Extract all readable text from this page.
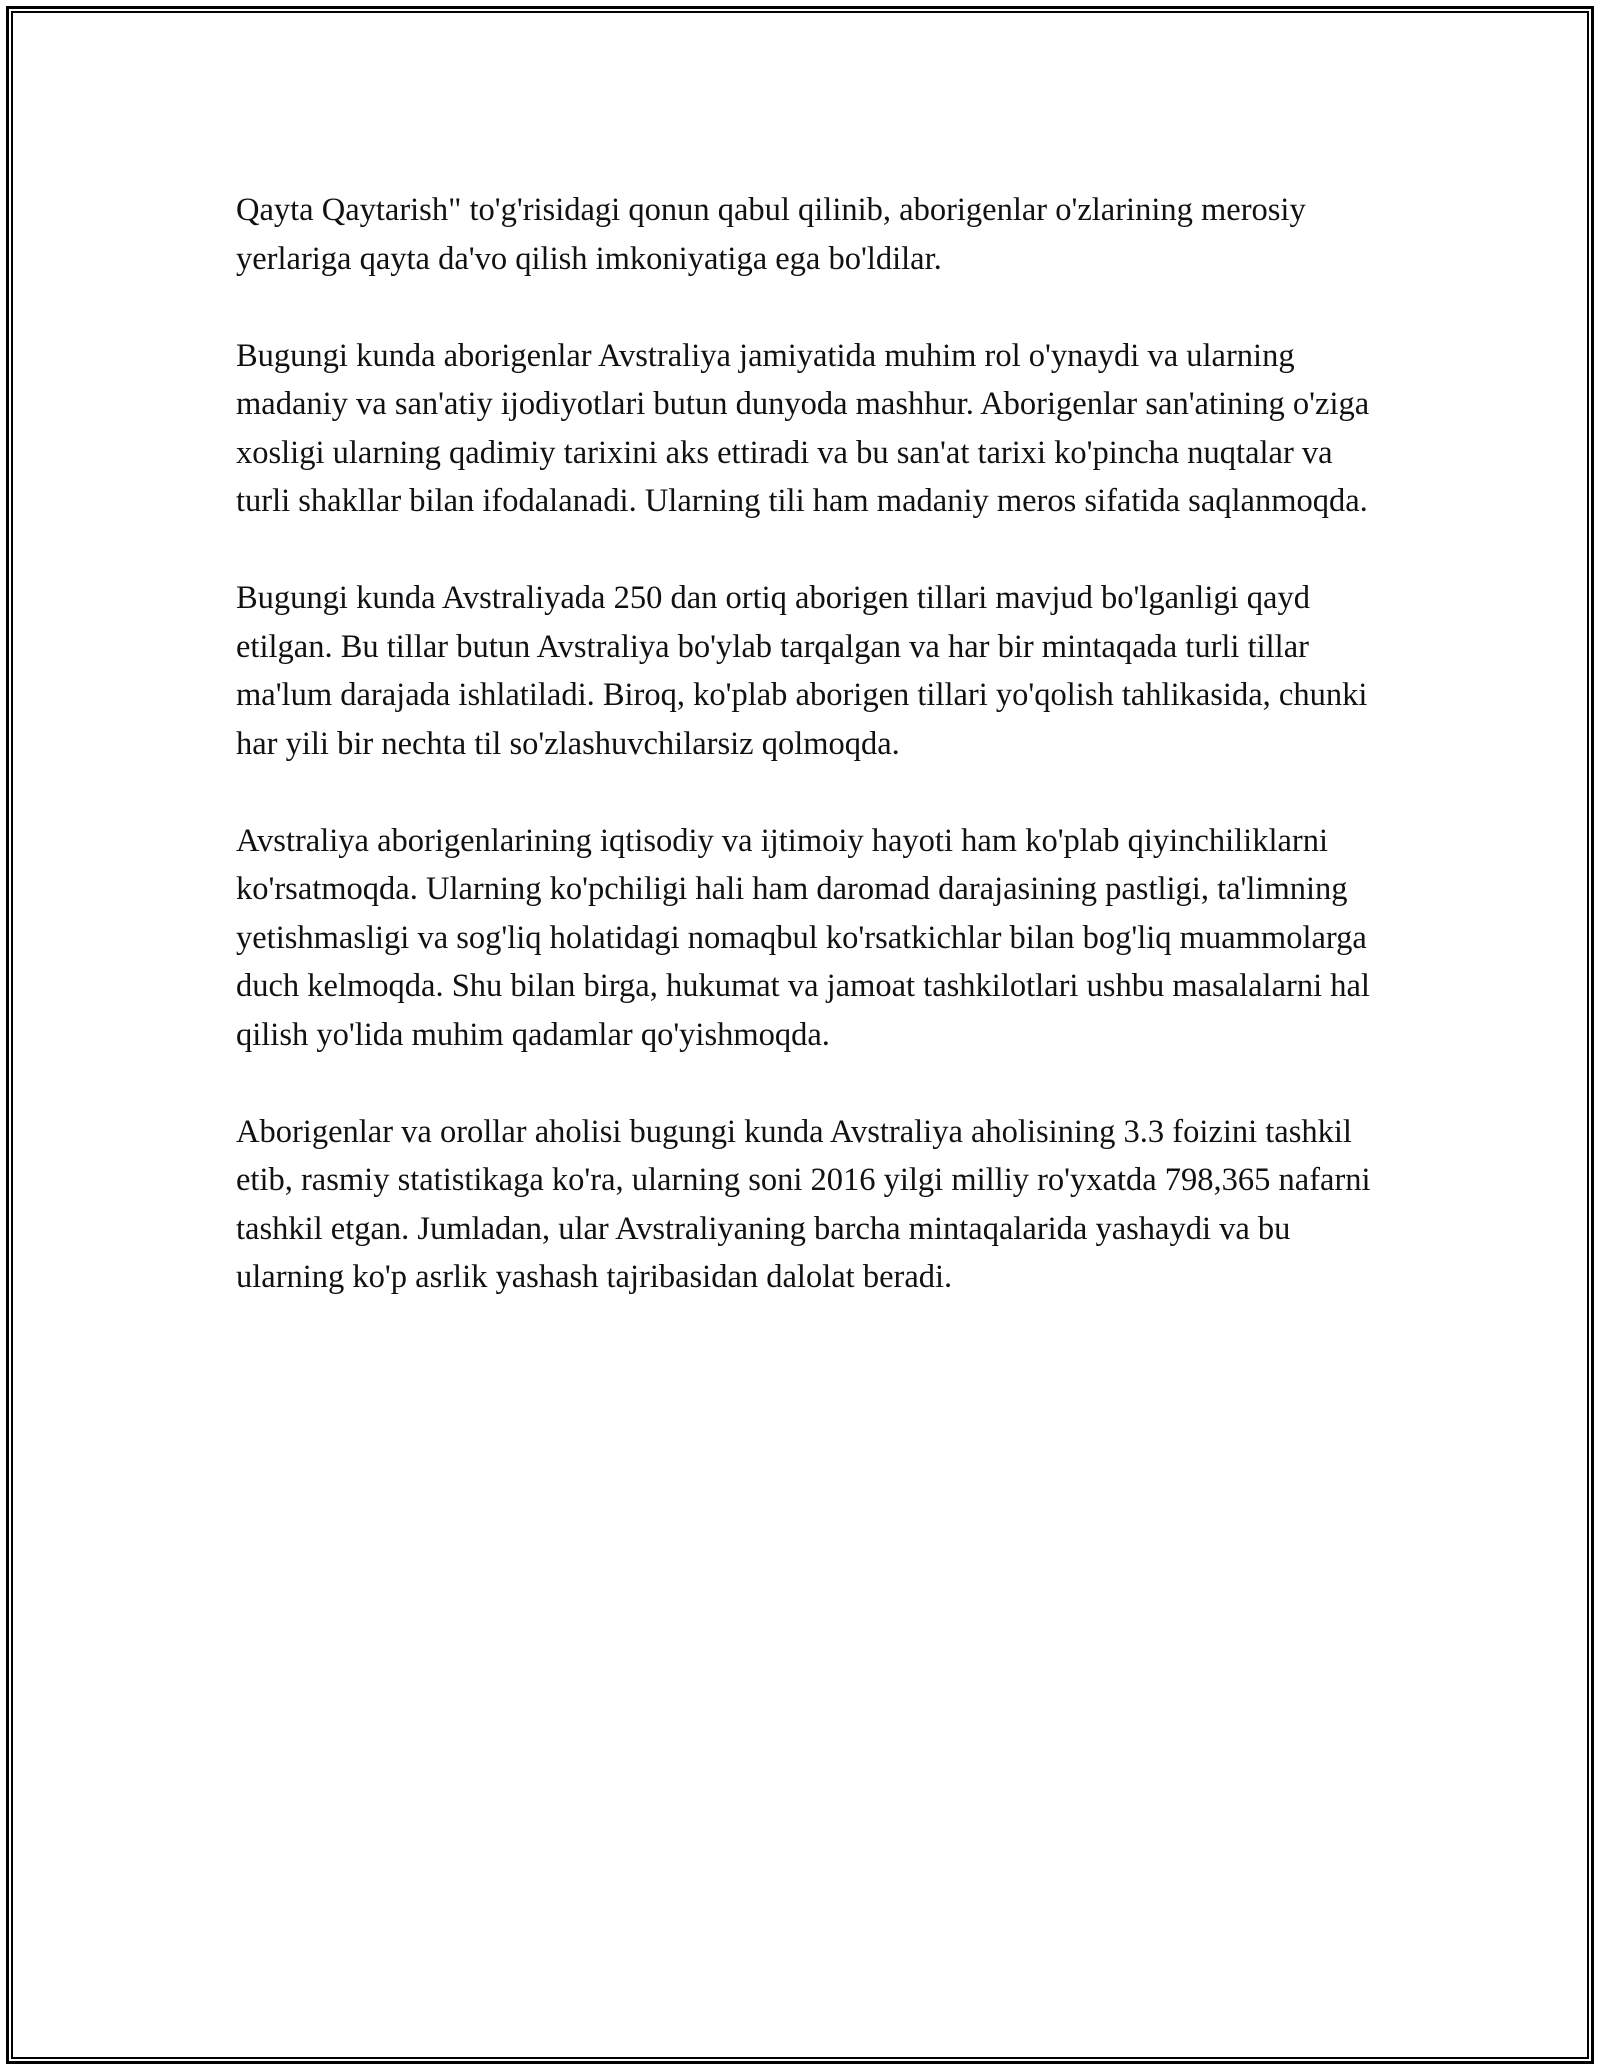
Qayta Qaytarish" to'g'risidagi qonun qabul qilinib, aborigenlar o'zlarining merosiy yerlariga qayta da'vo qilish imkoniyatiga ega bo'ldilar.

Bugungi kunda aborigenlar Avstraliya jamiyatida muhim rol o'ynaydi va ularning madaniy va san'atiy ijodiyotlari butun dunyoda mashhur. Aborigenlar san'atining o'ziga xosligi ularning qadimiy tarixini aks ettiradi va bu san'at tarixi ko'pincha nuqtalar va turli shakllar bilan ifodalanadi. Ularning tili ham madaniy meros sifatida saqlanmoqda.

Bugungi kunda Avstraliyada 250 dan ortiq aborigen tillari mavjud bo'lganligi qayd etilgan. Bu tillar butun Avstraliya bo'ylab tarqalgan va har bir mintaqada turli tillar ma'lum darajada ishlatiladi. Biroq, ko'plab aborigen tillari yo'qolish tahlikasida, chunki har yili bir nechta til so'zlashuvchilarsiz qolmoqda.

Avstraliya aborigenlarining iqtisodiy va ijtimoiy hayoti ham ko'plab qiyinchiliklarni ko'rsatmoqda. Ularning ko'pchiligi hali ham daromad darajasining pastligi, ta'limning yetishmasligi va sog'liq holatidagi nomaqbul ko'rsatkichlar bilan bog'liq muammolarga duch kelmoqda. Shu bilan birga, hukumat va jamoat tashkilotlari ushbu masalalarni hal qilish yo'lida muhim qadamlar qo'yishmoqda.

Aborigenlar va orollar aholisi bugungi kunda Avstraliya aholisining 3.3 foizini tashkil etib, rasmiy statistikaga ko'ra, ularning soni 2016 yilgi milliy ro'yxatda 798,365 nafarni tashkil etgan. Jumladan, ular Avstraliyaning barcha mintaqalarida yashaydi va bu ularning ko'p asrlik yashash tajribasidan dalolat beradi.
